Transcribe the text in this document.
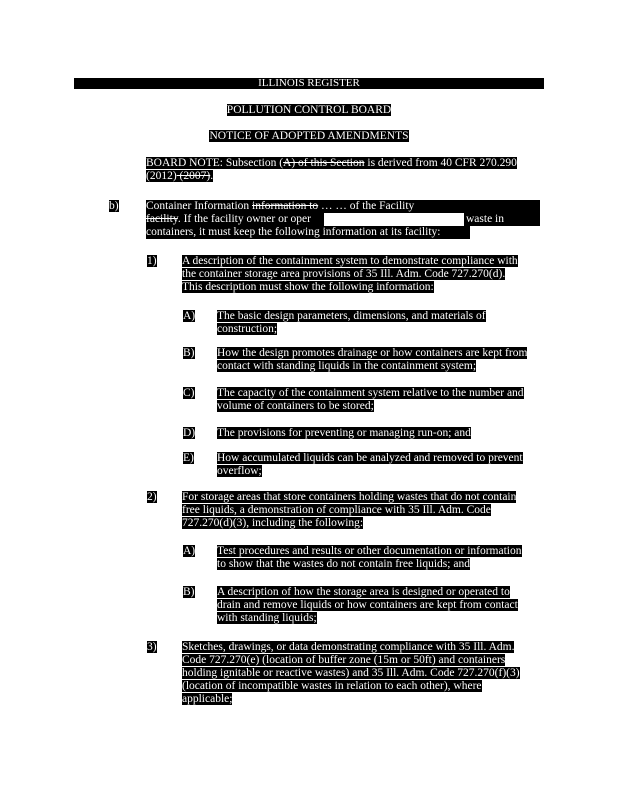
ILLINOIS REGISTER
POLLUTION CONTROL BOARD
NOTICE OF ADOPTED AMENDMENTS
BOARD NOTE: Subsection (A) of this Section is derived from 40 CFR 270.290
(2012) (2007).
b) Container Information information to … … of the Facility
facility. If the facility owner or oper	waste in
containers, it must keep the following information at its facility:
1) A description of the containment system to demonstrate compliance with
the container storage area provisions of 35 Ill. Adm. Code 727.270(d).
This description must show the following information:
A) The basic design parameters, dimensions, and materials of
construction;
B) How the design promotes drainage or how containers are kept from
contact with standing liquids in the containment system;
C) The capacity of the containment system relative to the number and
volume of containers to be stored;
D) The provisions for preventing or managing run-on; and
E) How accumulated liquids can be analyzed and removed to prevent
overflow;
2) For storage areas that store containers holding wastes that do not contain
free liquids, a demonstration of compliance with 35 Ill. Adm. Code
727.270(d)(3), including the following:
A) Test procedures and results or other documentation or information
to show that the wastes do not contain free liquids; and
B) A description of how the storage area is designed or operated to
drain and remove liquids or how containers are kept from contact
with standing liquids;
3) Sketches, drawings, or data demonstrating compliance with 35 Ill. Adm.
Code 727.270(e) (location of buffer zone (15m or 50ft) and containers
holding ignitable or reactive wastes) and 35 Ill. Adm. Code 727.270(f)(3)
(location of incompatible wastes in relation to each other), where
applicable;
